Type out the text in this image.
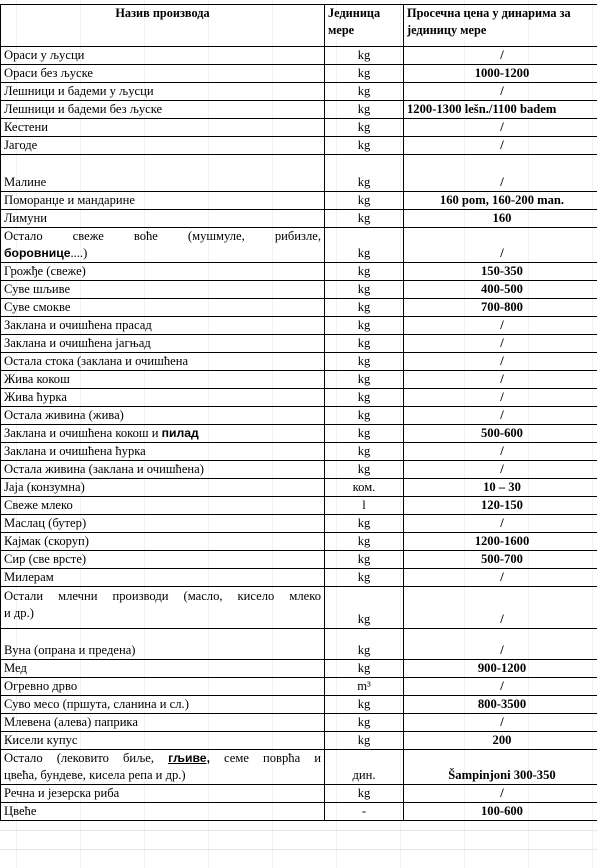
Назив производа	Јединица мере	Просечна цена у динарима за јединицу мере
Ораси у љусци	kg	/
Ораси без љуске	kg	1000-1200
Лешници и бадеми у љусци	kg	/
Лешници и бадеми без љуске	kg	1200-1300 lešn./1100 badem
Кестени	kg	/
Јагоде	kg	/
Малине	kg	/
Поморанџе и мандарине	kg	160 pom, 160-200 man.
Лимуни	kg	160

Остало свеже воће (мушмуле, рибизле,
боровнице....)	kg	/
Грожђе (свеже)	kg	150-350
Суве шљиве	kg	400-500
Суве смокве	kg	700-800
Заклана и очишћена прасад	kg	/
Заклана и очишћена јагњад	kg	/
Остала стока (заклана и очишћена	kg	/
Жива кокош	kg	/
Жива ћурка	kg	/
Остала живина (жива)	kg	/
Заклана и очишћена кокош и пилад	kg	500-600
Заклана и очишћена ћурка	kg	/
Остала живина (заклана и очишћена)	kg	/
Јаја (конзумна)	ком.	10 – 30
Свеже млеко	l	120-150
Маслац (бутер)	kg	/
Кајмак (скоруп)	kg	1200-1600
Сир (све врсте)	kg	500-700
Милерам	kg	/

Остали млечни производи (масло, кисело млеко
и др.)	kg	/
Вуна (опрана и предена)	kg	/
Мед	kg	900-1200
Огревно дрво	m³	/
Суво месо (пршута, сланина и сл.)	kg	800-3500
Млевена (алева) паприка	kg	/
Кисели купус	kg	200

Остало (лековито биље, гљиве, семе поврћа и
цвећа, бундеве, кисела репа и др.)	дин.	Šampinjoni 300-350
Речна и језерска риба	kg	/
Цвеће	-	100-600
